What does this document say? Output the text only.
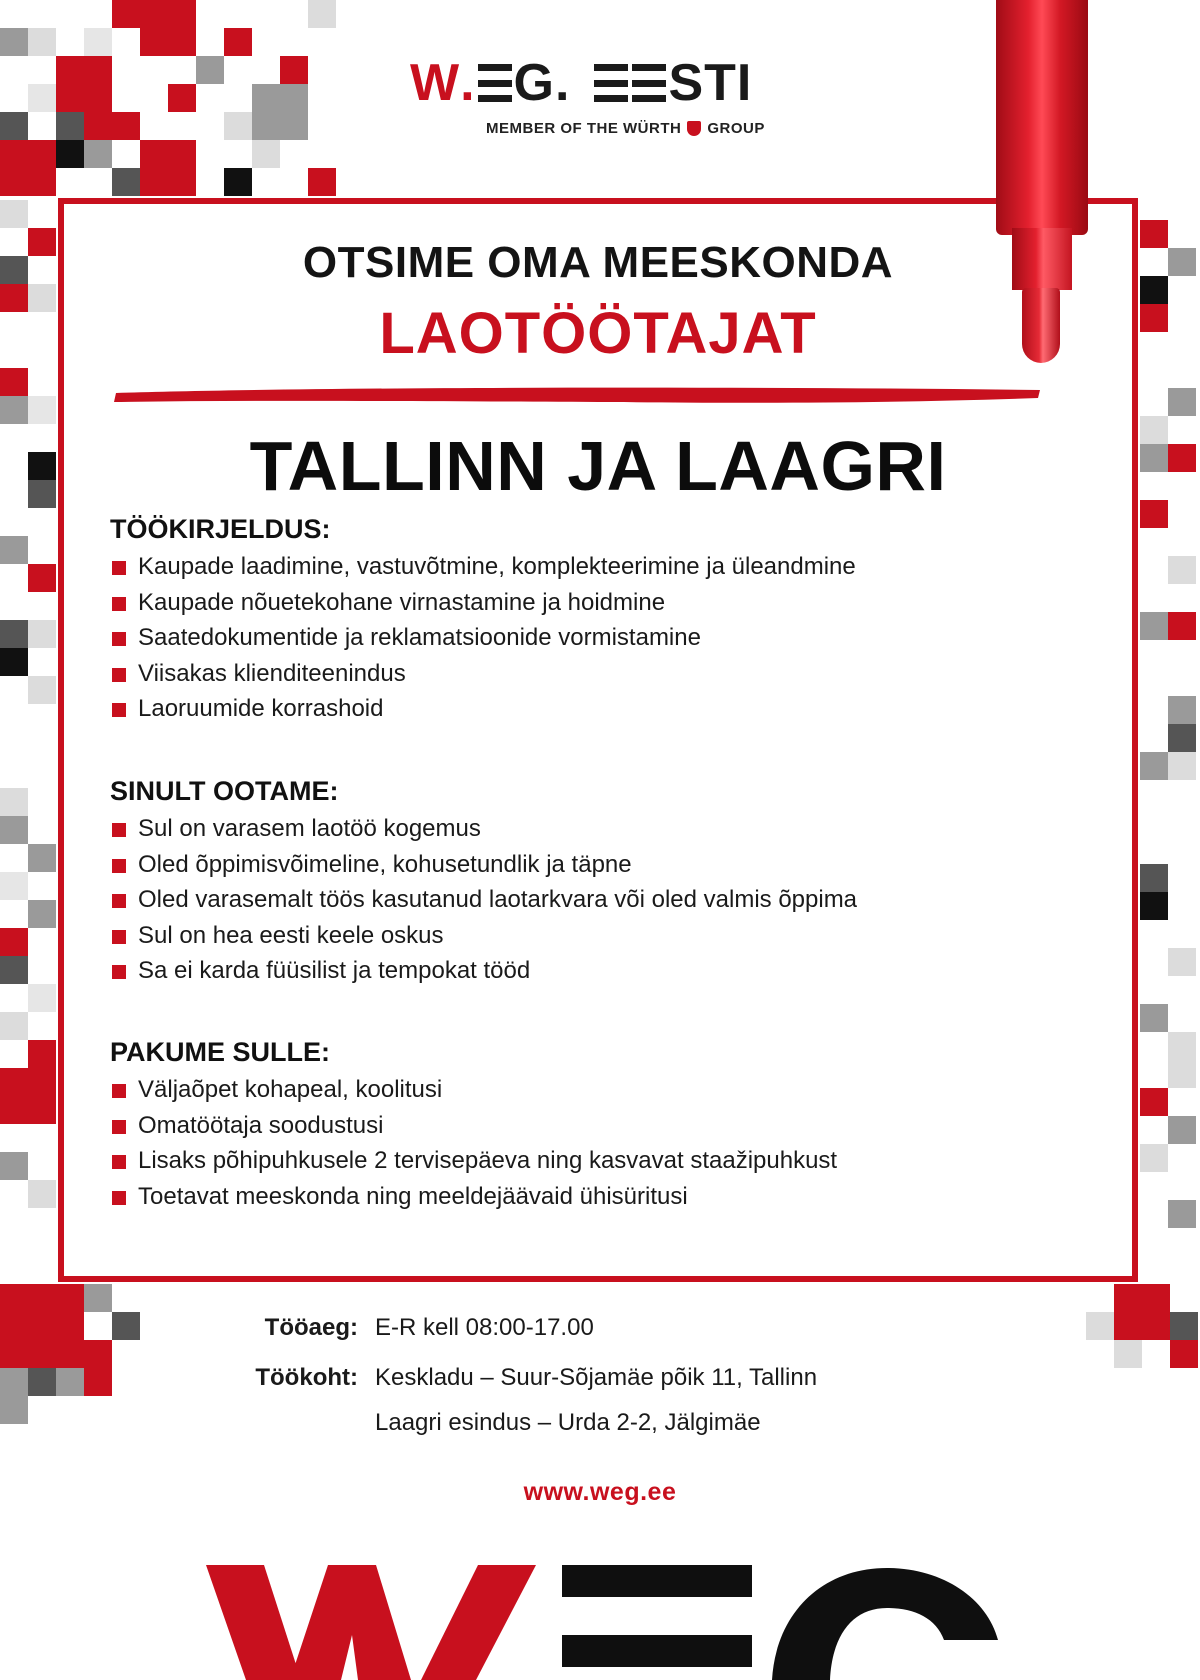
W . G. STI
MEMBER OF THE WÜRTH GROUP
OTSIME OMA MEESKONDA
LAOTÖÖTAJAT
TALLINN JA LAAGRI
TÖÖKIRJELDUS:
Kaupade laadimine, vastuvõtmine, komplekteerimine ja üleandmine
Kaupade nõuetekohane virnastamine ja hoidmine
Saatedokumentide ja reklamatsioonide vormistamine
Viisakas klienditeenindus
Laoruumide korrashoid
SINULT OOTAME:
Sul on varasem laotöö kogemus
Oled õppimisvõimeline, kohusetundlik ja täpne
Oled varasemalt töös kasutanud laotarkvara või oled valmis õppima
Sul on hea eesti keele oskus
Sa ei karda füüsilist ja tempokat tööd
PAKUME SULLE:
Väljaõpet kohapeal, koolitusi
Omatöötaja soodustusi
Lisaks põhipuhkusele 2 tervisepäeva ning kasvavat staažipuhkust
Toetavat meeskonda ning meeldejäävaid ühisüritusi
Tööaeg: E-R kell 08:00-17.00
Töökoht: Keskladu – Suur-Sõjamäe põik 11, Tallinn
Laagri esindus – Urda 2-2, Jälgimäe
www.weg.ee
